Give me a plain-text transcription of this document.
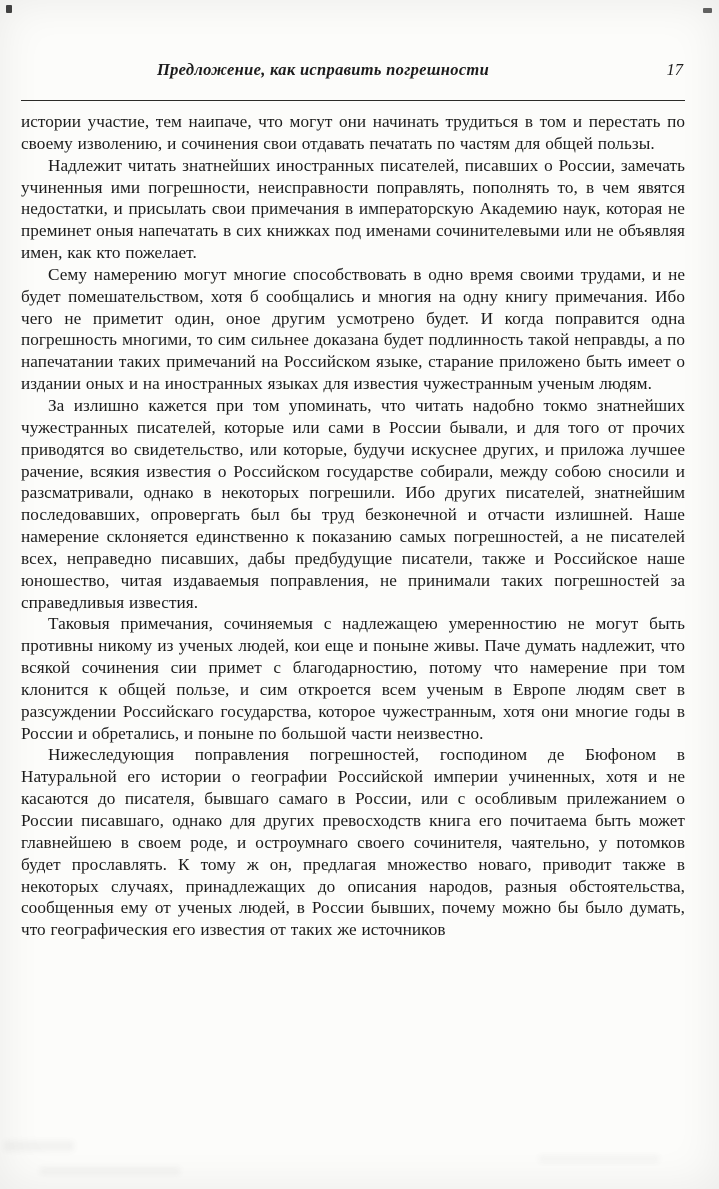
Предложение, как исправить погрешности	17

истории участие, тем наипаче, что могут они начинать трудиться в том и перестать по своему изволению, и сочинения свои отдавать печатать по частям для общей пользы.

Надлежит читать знатнейших иностранных писателей, писавших о России, замечать учиненныя ими погрешности, неисправности поправлять, пополнять то, в чем явятся недостатки, и присылать свои примечания в императорскую Академию наук, которая не преминет оныя напечатать в сих книжках под именами сочинителевыми или не объявляя имен, как кто пожелает.

Сему намерению могут многие способствовать в одно время своими трудами, и не будет помешательством, хотя б сообщались и многия на одну книгу примечания. Ибо чего не приметит один, оное другим усмотрено будет. И когда поправится одна погрешность многими, то сим сильнее доказана будет подлинность такой неправды, а по напечатании таких примечаний на Российском языке, старание приложено быть имеет о издании оных и на иностранных языках для известия чужестранным ученым людям.

За излишно кажется при том упоминать, что читать надобно токмо знатнейших чужестранных писателей, которые или сами в России бывали, и для того от прочих приводятся во свидетельство, или которые, будучи искуснее других, и приложа лучшее рачение, всякия известия о Российском государстве собирали, между собою сносили и разсматривали, однако в некоторых погрешили. Ибо других писателей, знатнейшим последовавших, опровергать был бы труд безконечной и отчасти излишней. Наше намерение склоняется единственно к показанию самых погрешностей, а не писателей всех, неправедно писавших, дабы предбудущие писатели, также и Российское наше юношество, читая издаваемыя поправления, не принимали таких погрешностей за справедливыя известия.

Таковыя примечания, сочиняемыя с надлежащею умеренностию не могут быть противны никому из ученых людей, кои еще и поныне живы. Паче думать надлежит, что всякой сочинения сии примет с благодарностию, потому что намерение при том клонится к общей пользе, и сим откроется всем ученым в Европе людям свет в разсуждении Российскаго государства, которое чужестранным, хотя они многие годы в России и обретались, и поныне по большой части неизвестно.

Нижеследующия поправления погрешностей, господином де Бюфоном в Натуральной его истории о географии Российской империи учиненных, хотя и не касаются до писателя, бывшаго самаго в России, или с особливым прилежанием о России писавшаго, однако для других превосходств книга его почитаема быть может главнейшею в своем роде, и остроумнаго своего сочинителя, чаятельно, у потомков будет прославлять. К тому ж он, предлагая множество новаго, приводит также в некоторых случаях, принадлежащих до описания народов, разныя обстоятельства, сообщенныя ему от ученых людей, в России бывших, почему можно бы было думать, что географическия его известия от таких же источников
